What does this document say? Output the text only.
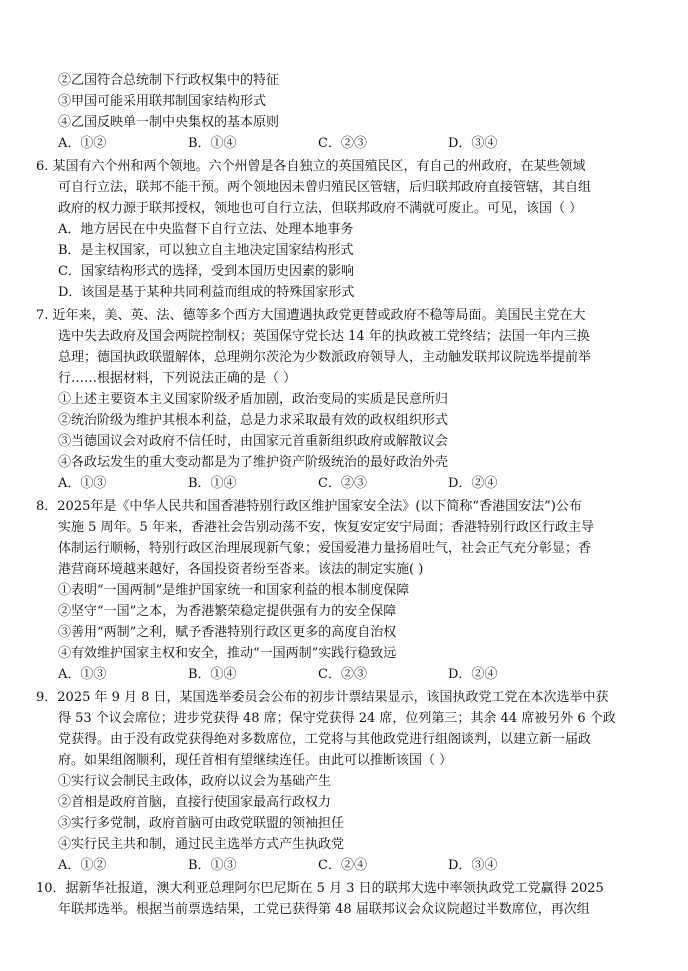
②乙国符合总统制下行政权集中的特征
③甲国可能采用联邦制国家结构形式
④乙国反映单一制中央集权的基本原则
A．①②	B．①④	C．②③	D．③④
6. 某国有六个州和两个领地。六个州曾是各自独立的英国殖民区，有自己的州政府，在某些领域
可自行立法，联邦不能干预。两个领地因未曾归殖民区管辖，后归联邦政府直接管辖，其自组
政府的权力源于联邦授权，领地也可自行立法，但联邦政府不满就可废止。可见，该国（ ）
A．地方居民在中央监督下自行立法、处理本地事务
B．是主权国家，可以独立自主地决定国家结构形式
C．国家结构形式的选择，受到本国历史因素的影响
D．该国是基于某种共同利益而组成的特殊国家形式
7. 近年来，美、英、法、德等多个西方大国遭遇执政党更替或政府不稳等局面。美国民主党在大
选中失去政府及国会两院控制权；英国保守党长达 14 年的执政被工党终结；法国一年内三换
总理；德国执政联盟解体，总理朔尔茨沦为少数派政府领导人，主动触发联邦议院选举提前举
行……根据材料，下列说法正确的是（ ）
①上述主要资本主义国家阶级矛盾加剧，政治变局的实质是民意所归
②统治阶级为维护其根本利益，总是力求采取最有效的政权组织形式
③当德国议会对政府不信任时，由国家元首重新组织政府或解散议会
④各政坛发生的重大变动都是为了维护资产阶级统治的最好政治外壳
A．①③	B．①④	C．②③	D．②④
8．2025年是《中华人民共和国香港特别行政区维护国家安全法》(以下简称“香港国安法”)公布
实施 5 周年。5 年来，香港社会告别动荡不安，恢复安定安宁局面；香港特别行政区行政主导
体制运行顺畅，特别行政区治理展现新气象；爱国爱港力量扬眉吐气，社会正气充分彰显；香
港营商环境越来越好，各国投资者纷至沓来。该法的制定实施( )
①表明“一国两制”是维护国家统一和国家利益的根本制度保障
②坚守“一国”之本，为香港繁荣稳定提供强有力的安全保障
③善用“两制”之利，赋予香港特别行政区更多的高度自治权
④有效维护国家主权和安全，推动“一国两制”实践行稳致远
A．①③	B．①④	C．②③	D．②④
9．2025 年 9 月 8 日，某国选举委员会公布的初步计票结果显示，该国执政党工党在本次选举中获
得 53 个议会席位；进步党获得 48 席；保守党获得 24 席，位列第三；其余 44 席被另外 6 个政
党获得。由于没有政党获得绝对多数席位，工党将与其他政党进行组阁谈判，以建立新一届政
府。如果组阁顺利，现任首相有望继续连任。由此可以推断该国（ ）
①实行议会制民主政体，政府以议会为基础产生
②首相是政府首脑，直接行使国家最高行政权力
③实行多党制，政府首脑可由政党联盟的领袖担任
④实行民主共和制，通过民主选举方式产生执政党
A．①②	B．①③	C．②④	D．③④
10．据新华社报道，澳大利亚总理阿尔巴尼斯在 5 月 3 日的联邦大选中率领执政党工党赢得 2025
年联邦选举。根据当前票选结果，工党已获得第 48 届联邦议会众议院超过半数席位，再次组
